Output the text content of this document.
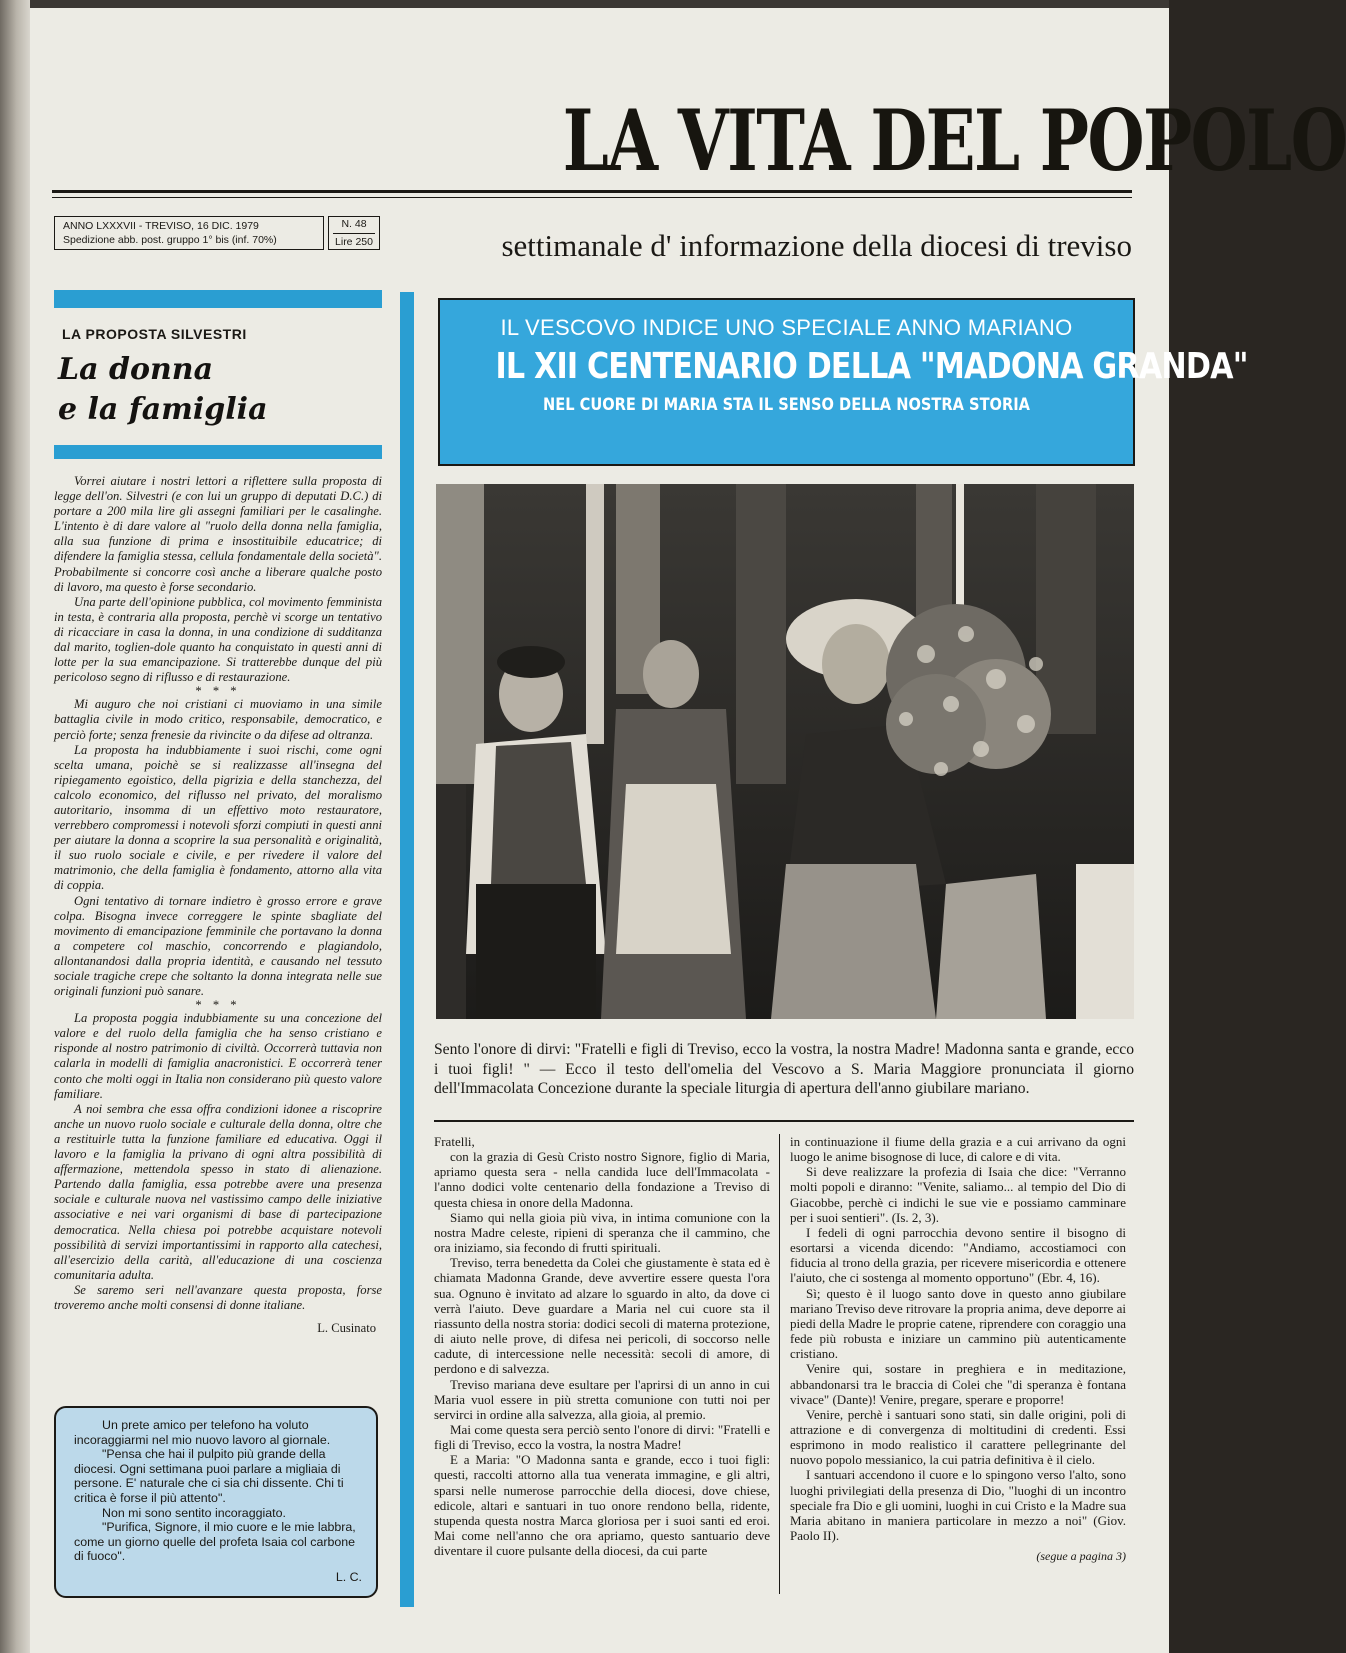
LA VITA DEL POPOLO
ANNO LXXXVII - TREVISO, 16 DIC. 1979
Spedizione abb. post. gruppo 1° bis (inf. 70%)
N. 48
Lire 250	settimanale d' informazione della diocesi di treviso
LA PROPOSTA SILVESTRI
La donna
e la famiglia

Vorrei aiutare i nostri lettori a riflettere sulla proposta di legge dell'on. Silvestri (e con lui un gruppo di deputati D.C.) di portare a 200 mila lire gli assegni familiari per le casalinghe. L'intento è di dare valore al "ruolo della donna nella famiglia, alla sua funzione di prima e insostituibile educatrice; di difendere la famiglia stessa, cellula fondamentale della società". Probabilmente si concorre così anche a liberare qualche posto di lavoro, ma questo è forse secondario.

Una parte dell'opinione pubblica, col movimento femminista in testa, è contraria alla proposta, perchè vi scorge un tentativo di ricacciare in casa la donna, in una condizione di sudditanza dal marito, toglien-dole quanto ha conquistato in questi anni di lotte per la sua emancipazione. Si tratterebbe dunque del più pericoloso segno di riflusso e di restaurazione.

* * *

Mi auguro che noi cristiani ci muoviamo in una simile battaglia civile in modo critico, responsabile, democratico, e perciò forte; senza frenesie da rivincite o da difese ad oltranza.

La proposta ha indubbiamente i suoi rischi, come ogni scelta umana, poichè se si realizzasse all'insegna del ripiegamento egoistico, della pigrizia e della stanchezza, del calcolo economico, del riflusso nel privato, del moralismo autoritario, insomma di un effettivo moto restauratore, verrebbero compromessi i notevoli sforzi compiuti in questi anni per aiutare la donna a scoprire la sua personalità e originalità, il suo ruolo sociale e civile, e per rivedere il valore del matrimonio, che della famiglia è fondamento, attorno alla vita di coppia.

Ogni tentativo di tornare indietro è grosso errore e grave colpa. Bisogna invece correggere le spinte sbagliate del movimento di emancipazione femminile che portavano la donna a competere col maschio, concorrendo e plagiandolo, allontanandosi dalla propria identità, e causando nel tessuto sociale tragiche crepe che soltanto la donna integrata nelle sue originali funzioni può sanare.

* * *

La proposta poggia indubbiamente su una concezione del valore e del ruolo della famiglia che ha senso cristiano e risponde al nostro patrimonio di civiltà. Occorrerà tuttavia non calarla in modelli di famiglia anacronistici. E occorrerà tener conto che molti oggi in Italia non considerano più questo valore familiare.

A noi sembra che essa offra condizioni idonee a riscoprire anche un nuovo ruolo sociale e culturale della donna, oltre che a restituirle tutta la funzione familiare ed educativa. Oggi il lavoro e la famiglia la privano di ogni altra possibilità di affermazione, mettendola spesso in stato di alienazione. Partendo dalla famiglia, essa potrebbe avere una presenza sociale e culturale nuova nel vastissimo campo delle iniziative associative e nei vari organismi di base di partecipazione democratica. Nella chiesa poi potrebbe acquistare notevoli possibilità di servizi importantissimi in rapporto alla catechesi, all'esercizio della carità, all'educazione di una coscienza comunitaria adulta.

Se saremo seri nell'avanzare questa proposta, forse troveremo anche molti consensi di donne italiane.

L. Cusinato

Un prete amico per telefono ha voluto incoraggiarmi nel mio nuovo lavoro al giornale.

"Pensa che hai il pulpito più grande della diocesi. Ogni settimana puoi parlare a migliaia di persone. E' naturale che ci sia chi dissente. Chi ti critica è forse il più attento".

Non mi sono sentito incoraggiato.

"Purifica, Signore, il mio cuore e le mie labbra, come un giorno quelle del profeta Isaia col carbone di fuoco".

L. C.

IL VESCOVO INDICE UNO SPECIALE ANNO MARIANO
IL XII CENTENARIO DELLA "MADONA GRANDA"
NEL CUORE DI MARIA STA IL SENSO DELLA NOSTRA STORIA
Sento l'onore di dirvi: "Fratelli e figli di Treviso, ecco la vostra, la nostra Madre! Madonna santa e grande, ecco i tuoi figli! " — Ecco il testo dell'omelia del Vescovo a S. Maria Maggiore pronunciata il giorno dell'Immacolata Concezione durante la speciale liturgia di apertura dell'anno giubilare mariano.

Fratelli,

con la grazia di Gesù Cristo nostro Signore, figlio di Maria, apriamo questa sera - nella candida luce dell'Immacolata - l'anno dodici volte centenario della fondazione a Treviso di questa chiesa in onore della Madonna.

Siamo qui nella gioia più viva, in intima comunione con la nostra Madre celeste, ripieni di speranza che il cammino, che ora iniziamo, sia fecondo di frutti spirituali.

Treviso, terra benedetta da Colei che giustamente è stata ed è chiamata Madonna Grande, deve avvertire essere questa l'ora sua. Ognuno è invitato ad alzare lo sguardo in alto, da dove ci verrà l'aiuto. Deve guardare a Maria nel cui cuore sta il riassunto della nostra storia: dodici secoli di materna protezione, di aiuto nelle prove, di difesa nei pericoli, di soccorso nelle cadute, di intercessione nelle necessità: secoli di amore, di perdono e di salvezza.

Treviso mariana deve esultare per l'aprirsi di un anno in cui Maria vuol essere in più stretta comunione con tutti noi per servirci in ordine alla salvezza, alla gioia, al premio.

Mai come questa sera perciò sento l'onore di dirvi: "Fratelli e figli di Treviso, ecco la vostra, la nostra Madre!

E a Maria: "O Madonna santa e grande, ecco i tuoi figli: questi, raccolti attorno alla tua venerata immagine, e gli altri, sparsi nelle numerose parrocchie della diocesi, dove chiese, edicole, altari e santuari in tuo onore rendono bella, ridente, stupenda questa nostra Marca gloriosa per i suoi santi ed eroi. Mai come nell'anno che ora apriamo, questo santuario deve diventare il cuore pulsante della diocesi, da cui parte

in continuazione il fiume della grazia e a cui arrivano da ogni luogo le anime bisognose di luce, di calore e di vita.

Si deve realizzare la profezia di Isaia che dice: "Verranno molti popoli e diranno: "Venite, saliamo... al tempio del Dio di Giacobbe, perchè ci indichi le sue vie e possiamo camminare per i suoi sentieri". (Is. 2, 3).

I fedeli di ogni parrocchia devono sentire il bisogno di esortarsi a vicenda dicendo: "Andiamo, accostiamoci con fiducia al trono della grazia, per ricevere misericordia e ottenere l'aiuto, che ci sostenga al momento opportuno" (Ebr. 4, 16).

Sì; questo è il luogo santo dove in questo anno giubilare mariano Treviso deve ritrovare la propria anima, deve deporre ai piedi della Madre le proprie catene, riprendere con coraggio una fede più robusta e iniziare un cammino più autenticamente cristiano.

Venire qui, sostare in preghiera e in meditazione, abbandonarsi tra le braccia di Colei che "di speranza è fontana vivace" (Dante)! Venire, pregare, sperare e proporre!

Venire, perchè i santuari sono stati, sin dalle origini, poli di attrazione e di convergenza di moltitudini di credenti. Essi esprimono in modo realistico il carattere pellegrinante del nuovo popolo messianico, la cui patria definitiva è il cielo.

I santuari accendono il cuore e lo spingono verso l'alto, sono luoghi privilegiati della presenza di Dio, "luoghi di un incontro speciale fra Dio e gli uomini, luoghi in cui Cristo e la Madre sua Maria abitano in maniera particolare in mezzo a noi" (Giov. Paolo II).

(segue a pagina 3)
